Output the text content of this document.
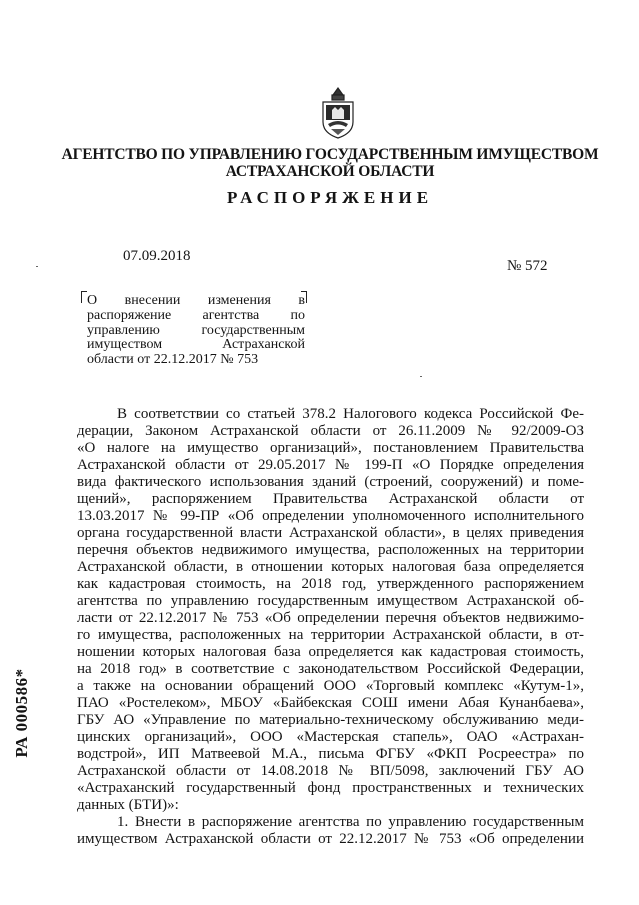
АГЕНТСТВО ПО УПРАВЛЕНИЮ ГОСУДАРСТВЕННЫМ ИМУЩЕСТВОМ
АСТРАХАНСКОЙ ОБЛАСТИ
РАСПОРЯЖЕНИЕ
07.09.2018
№ 572
О внесении изменения в
распоряжение агентства по
управлению государственным
имуществом Астраханской
области от 22.12.2017 № 753
РА 000586*
В соответствии со статьей 378.2 Налогового кодекса Российской Фе-
дерации, Законом Астраханской области от 26.11.2009 № 92/2009-ОЗ
«О налоге на имущество организаций», постановлением Правительства
Астраханской области от 29.05.2017 № 199-П «О Порядке определения
вида фактического использования зданий (строений, сооружений) и поме-
щений», распоряжением Правительства Астраханской области от
13.03.2017 № 99-ПР «Об определении уполномоченного исполнительного
органа государственной власти Астраханской области», в целях приведения
перечня объектов недвижимого имущества, расположенных на территории
Астраханской области, в отношении которых налоговая база определяется
как кадастровая стоимость, на 2018 год, утвержденного распоряжением
агентства по управлению государственным имуществом Астраханской об-
ласти от 22.12.2017 № 753 «Об определении перечня объектов недвижимо-
го имущества, расположенных на территории Астраханской области, в от-
ношении которых налоговая база определяется как кадастровая стоимость,
на 2018 год» в соответствие с законодательством Российской Федерации,
а также на основании обращений ООО «Торговый комплекс «Кутум-1»,
ПАО «Ростелеком», МБОУ «Байбекская СОШ имени Абая Кунанбаева»,
ГБУ АО «Управление по материально-техническому обслуживанию меди-
цинских организаций», ООО «Мастерская стапель», ОАО «Астрахан-
водстрой», ИП Матвеевой М.А., письма ФГБУ «ФКП Росреестра» по
Астраханской области от 14.08.2018 № ВП/5098, заключений ГБУ АО
«Астраханский государственный фонд пространственных и технических
данных (БТИ)»:
1. Внести в распоряжение агентства по управлению государственным
имуществом Астраханской области от 22.12.2017 № 753 «Об определении
